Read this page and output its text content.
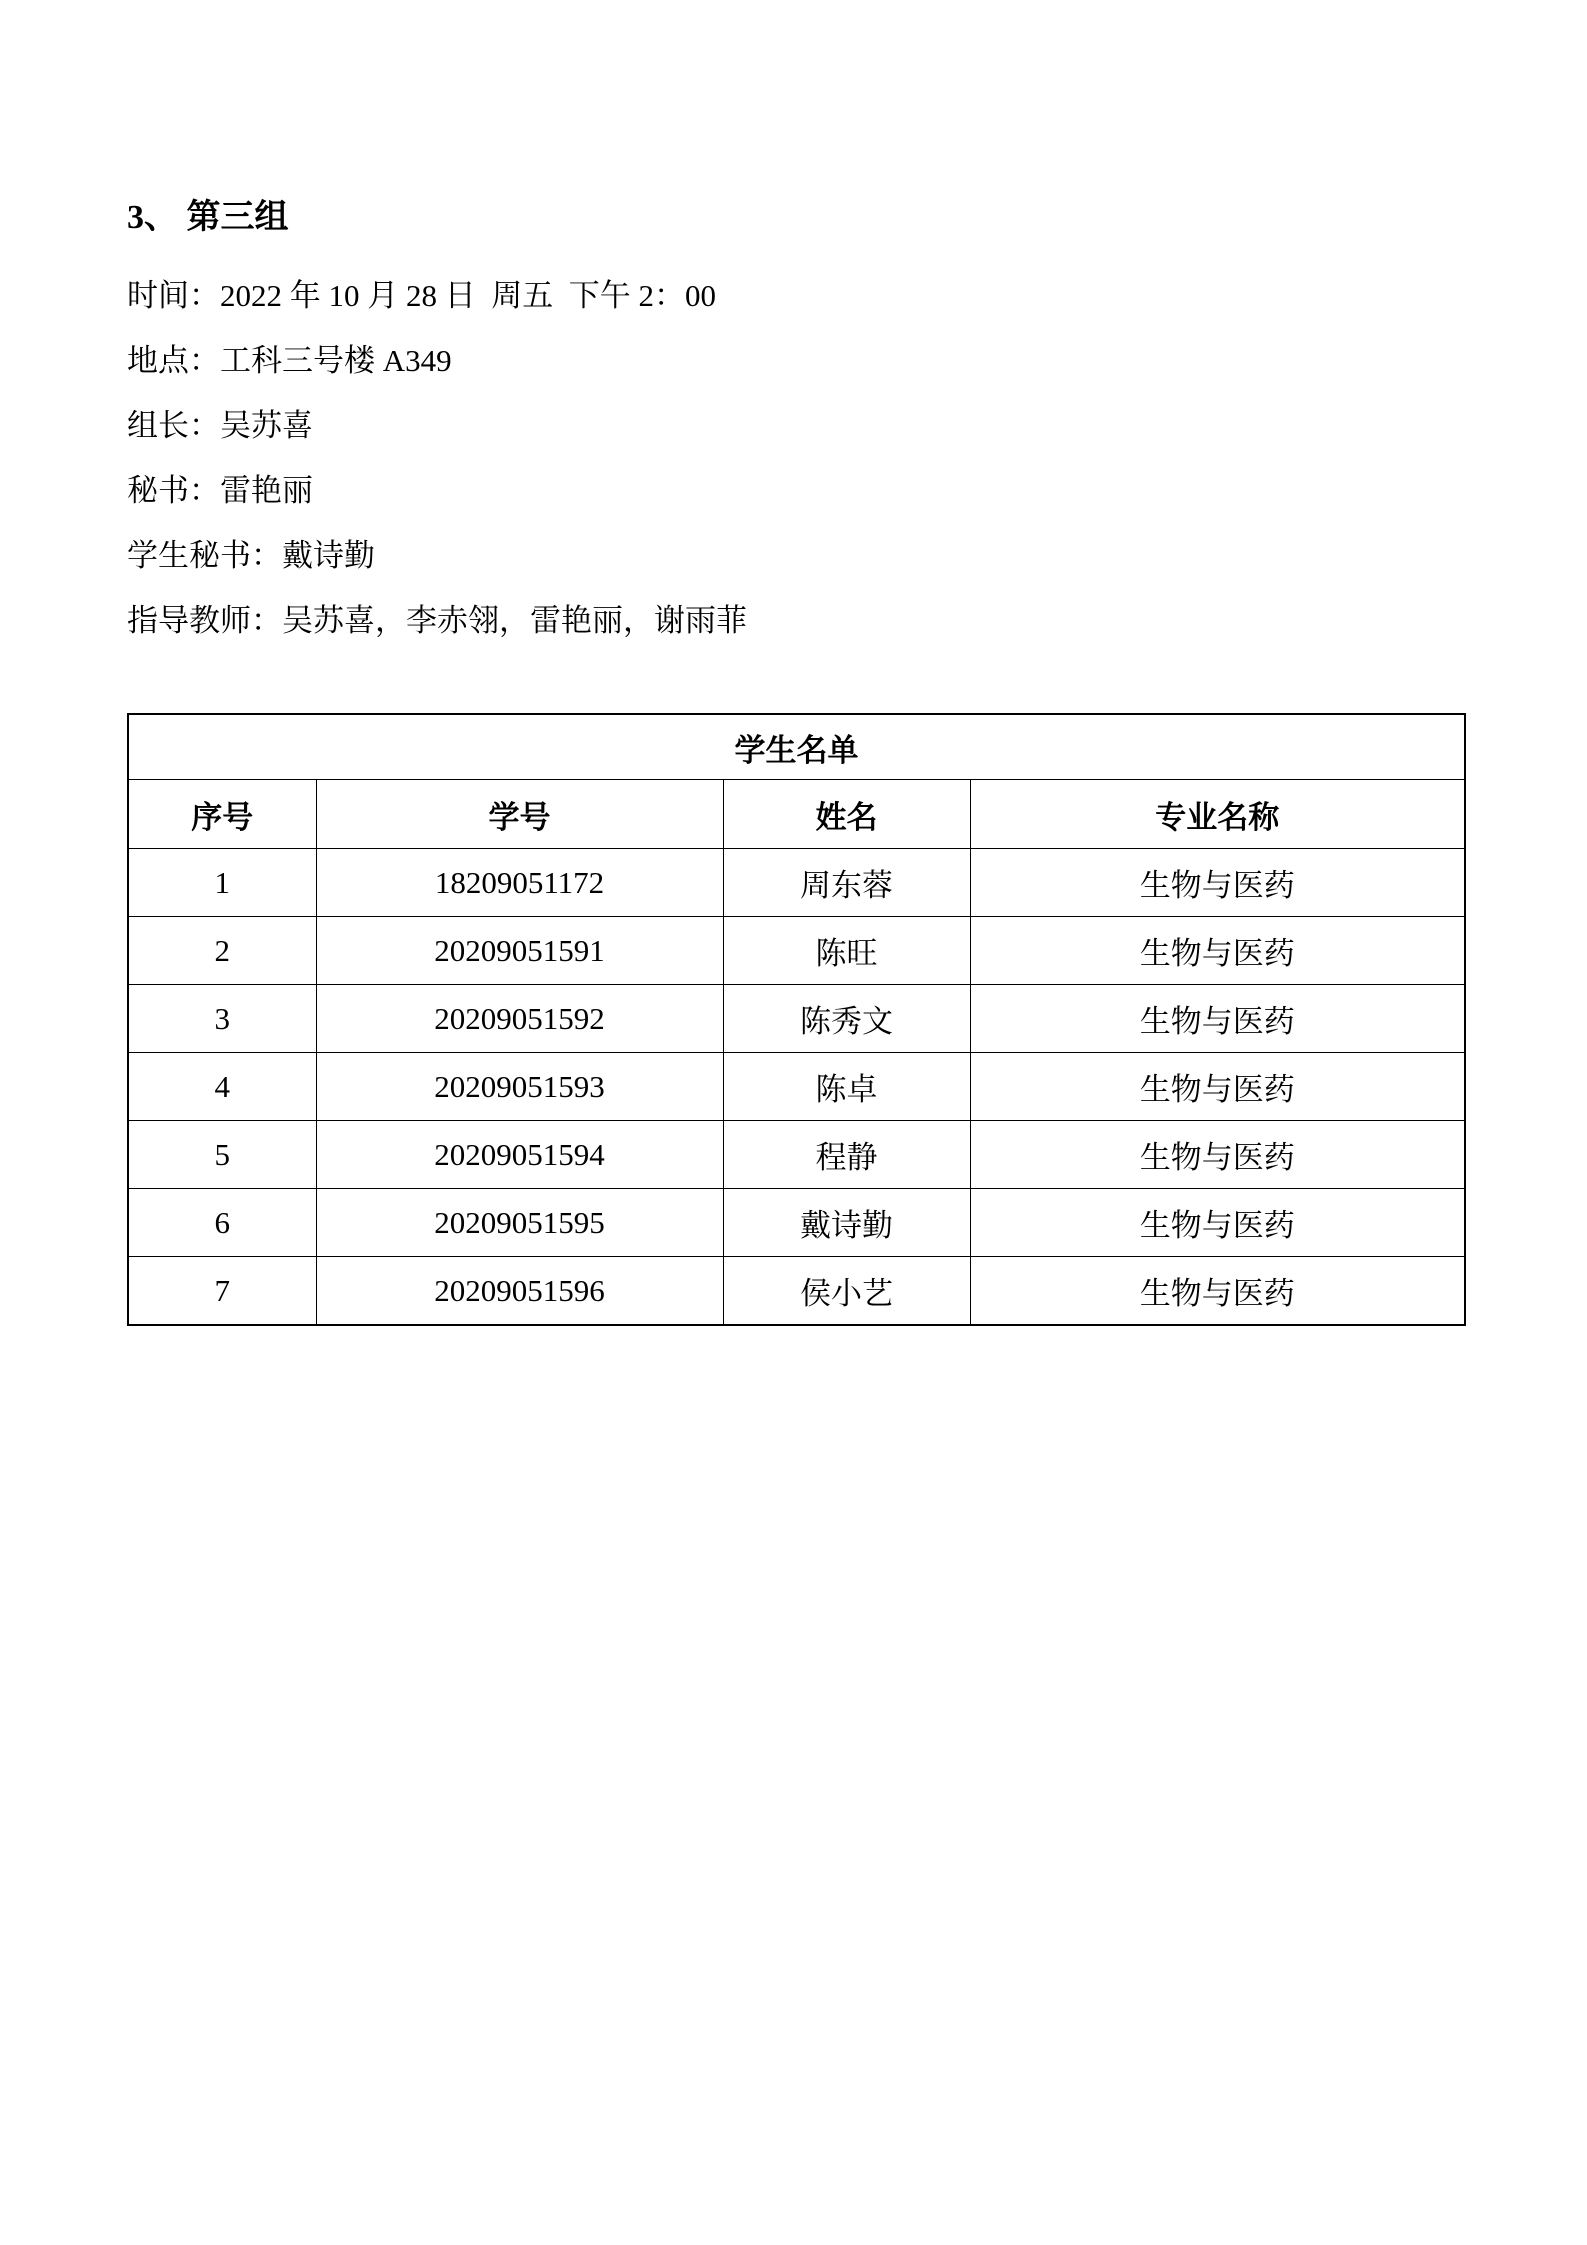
3、 第三组

时间：2022 年 10 月 28 日  周五  下午 2：00

地点：工科三号楼 A349

组长：吴苏喜

秘书：雷艳丽

学生秘书：戴诗勤

指导教师：吴苏喜，李赤翎，雷艳丽，谢雨菲

学生名单			
序号	学号	姓名	专业名称
1	18209051172	周东蓉	生物与医药
2	20209051591	陈旺	生物与医药
3	20209051592	陈秀文	生物与医药
4	20209051593	陈卓	生物与医药
5	20209051594	程静	生物与医药
6	20209051595	戴诗勤	生物与医药
7	20209051596	侯小艺	生物与医药
